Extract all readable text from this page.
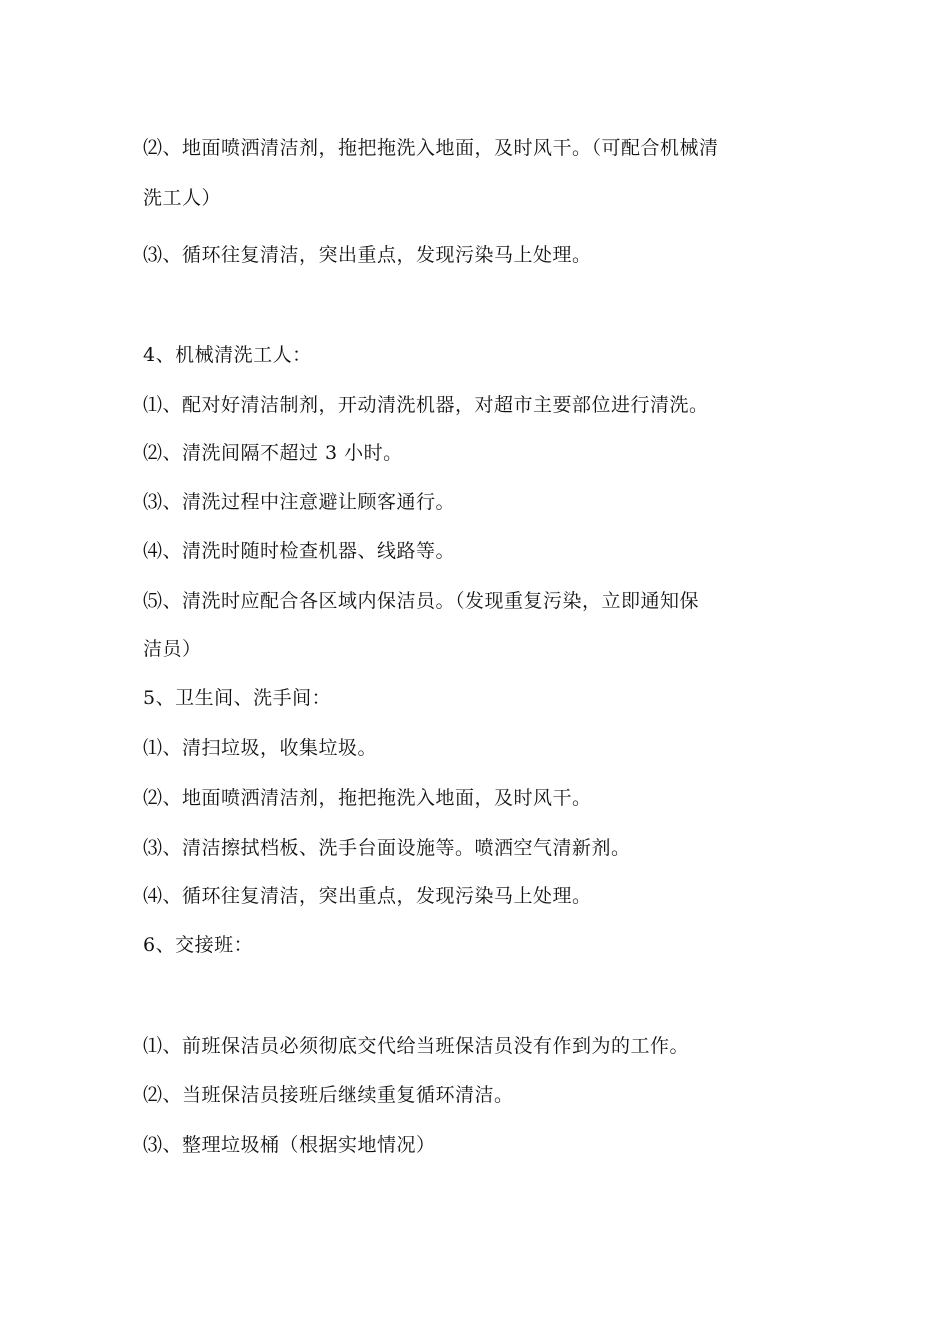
⑵、地面喷洒清洁剂，拖把拖洗入地面，及时风干。（可配合机械清
洗工人）
⑶、循环往复清洁，突出重点，发现污染马上处理。
4、机械清洗工人：
⑴、配对好清洁制剂，开动清洗机器，对超市主要部位进行清洗。
⑵、清洗间隔不超过 3 小时。
⑶、清洗过程中注意避让顾客通行。
⑷、清洗时随时检查机器、线路等。
⑸、清洗时应配合各区域内保洁员。（发现重复污染，立即通知保
洁员）
5、卫生间、洗手间：
⑴、清扫垃圾，收集垃圾。
⑵、地面喷洒清洁剂，拖把拖洗入地面，及时风干。
⑶、清洁擦拭档板、洗手台面设施等。喷洒空气清新剂。
⑷、循环往复清洁，突出重点，发现污染马上处理。
6、交接班：
⑴、前班保洁员必须彻底交代给当班保洁员没有作到为的工作。
⑵、当班保洁员接班后继续重复循环清洁。
⑶、整理垃圾桶（根据实地情况）
